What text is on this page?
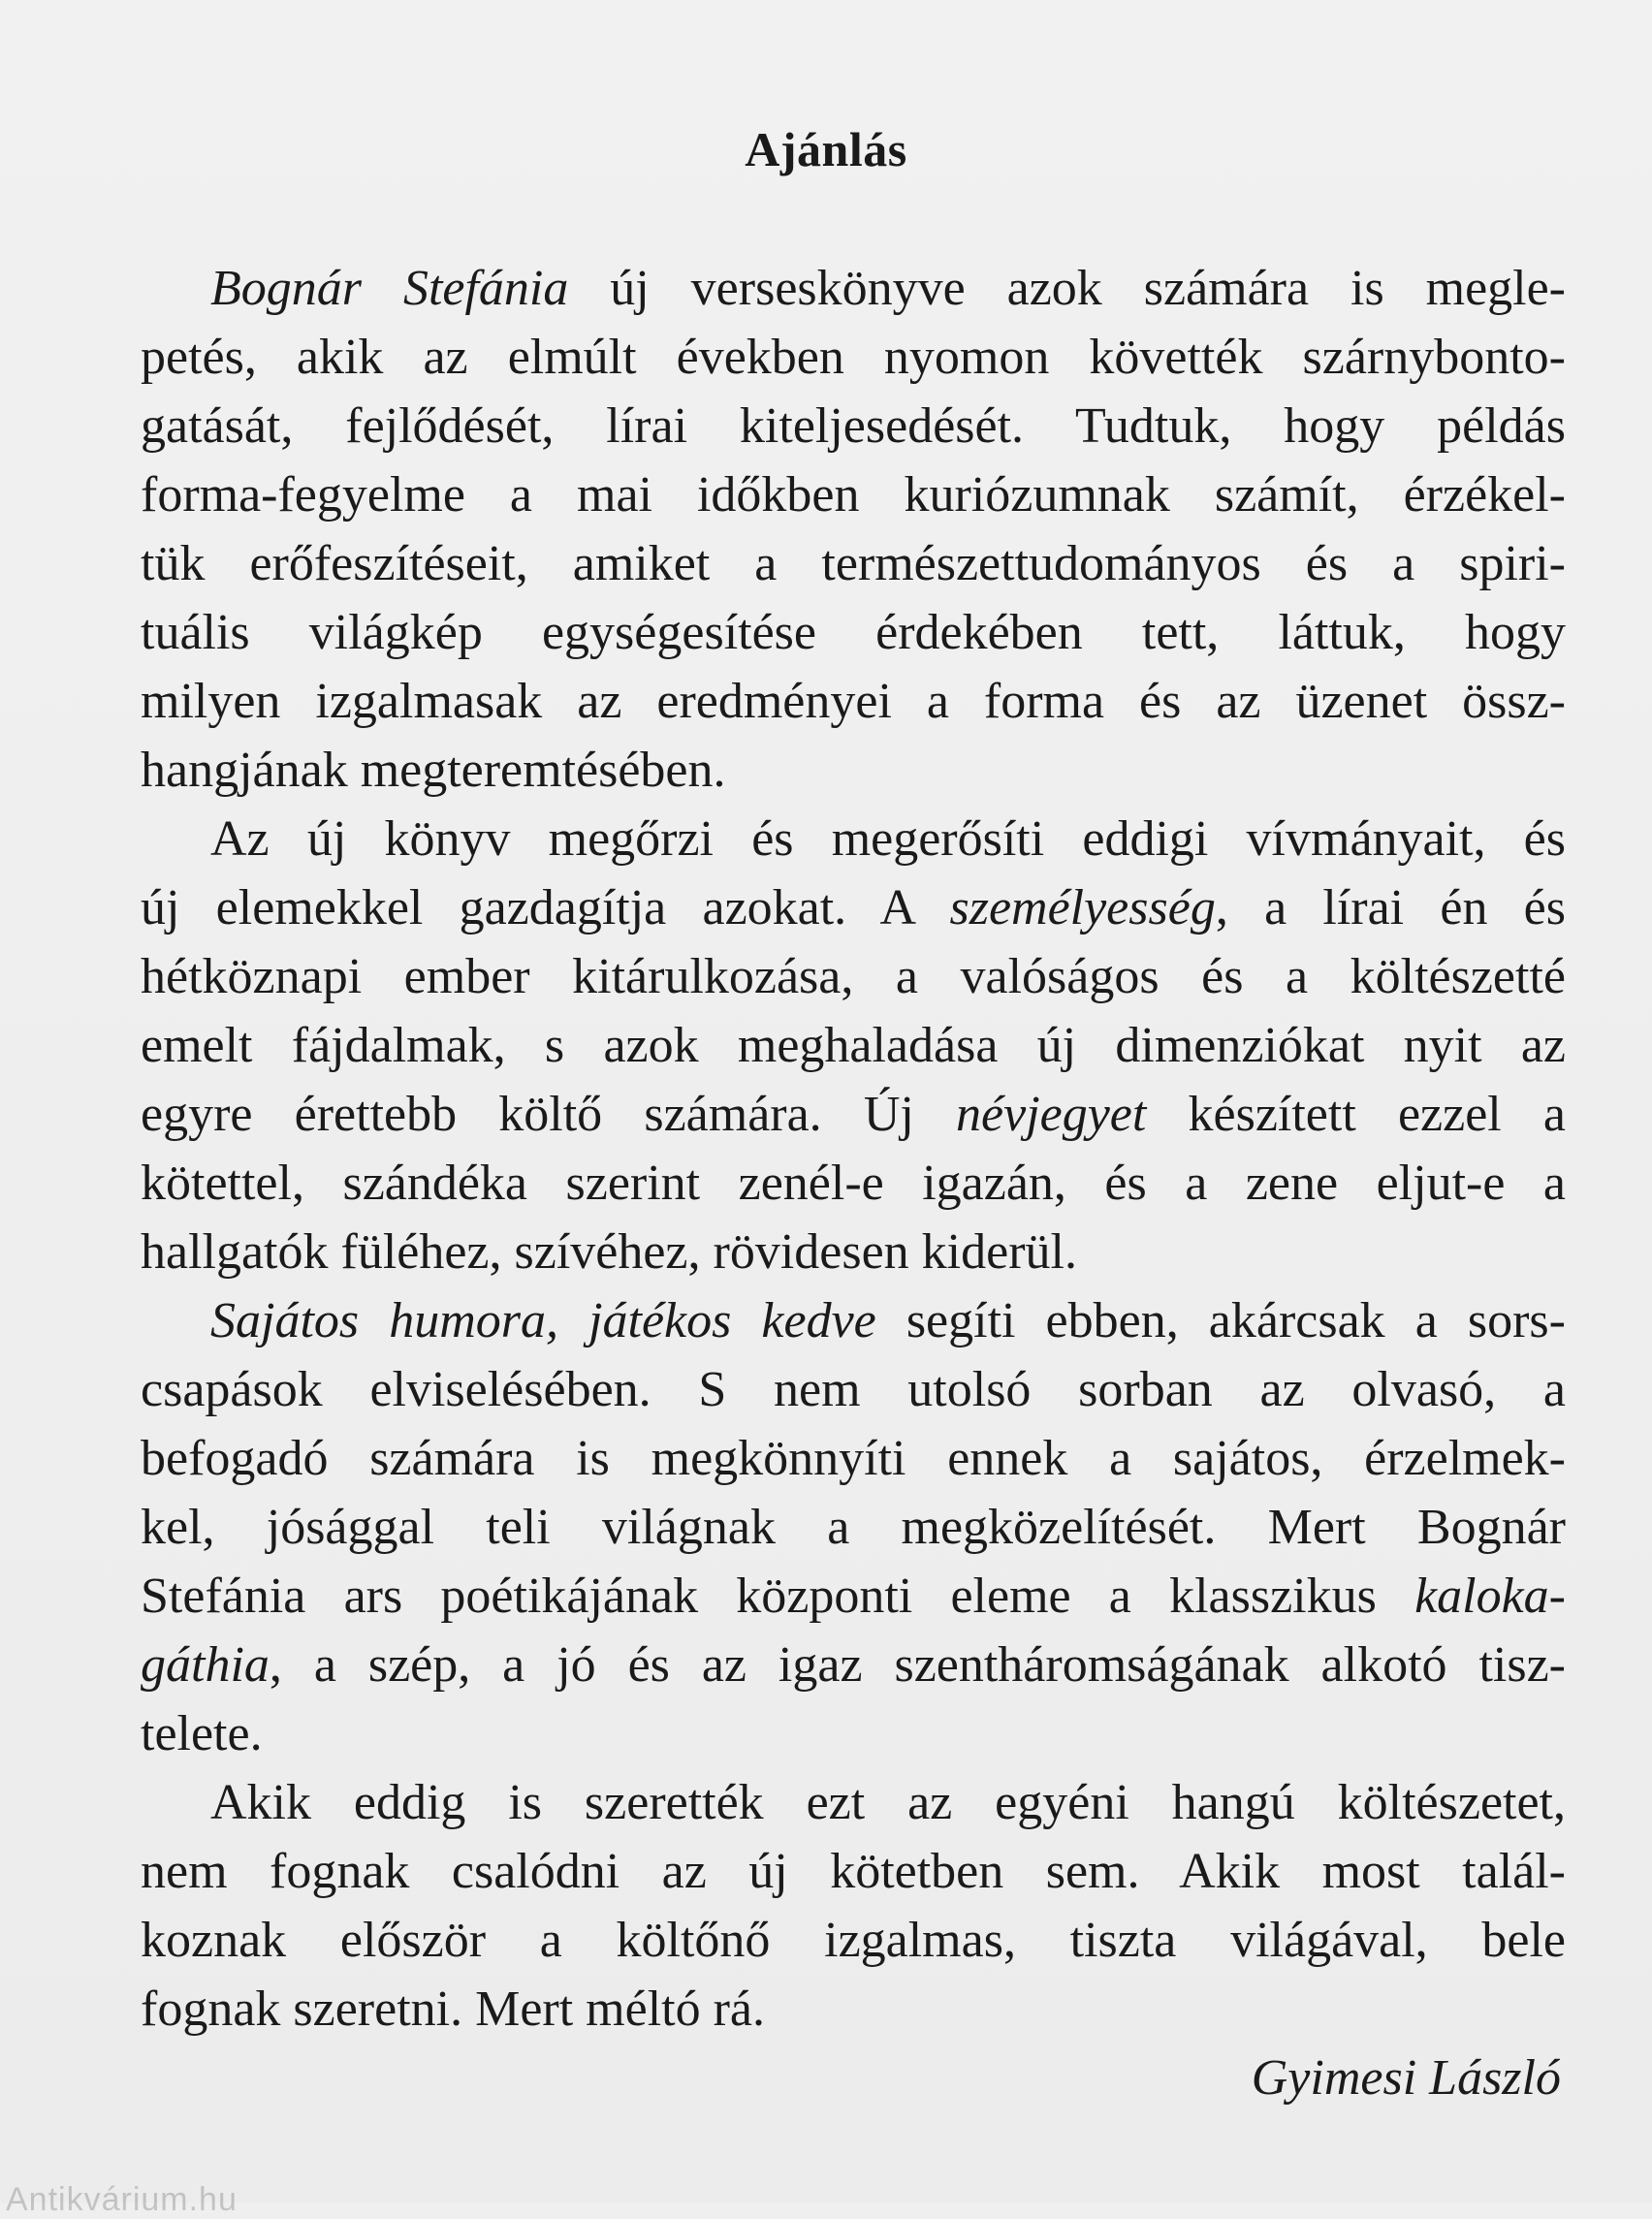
Ajánlás
Bognár Stefánia új verseskönyve azok számára is megle-
petés, akik az elmúlt években nyomon követték szárnybonto-
gatását, fejlődését, lírai kiteljesedését. Tudtuk, hogy példás
forma-fegyelme a mai időkben kuriózumnak számít, érzékel-
tük erőfeszítéseit, amiket a természettudományos és a spiri-
tuális világkép egységesítése érdekében tett, láttuk, hogy
milyen izgalmasak az eredményei a forma és az üzenet össz-
hangjának megteremtésében.
Az új könyv megőrzi és megerősíti eddigi vívmányait, és
új elemekkel gazdagítja azokat. A személyesség, a lírai én és
hétköznapi ember kitárulkozása, a valóságos és a költészetté
emelt fájdalmak, s azok meghaladása új dimenziókat nyit az
egyre érettebb költő számára. Új névjegyet készített ezzel a
kötettel, szándéka szerint zenél-e igazán, és a zene eljut-e a
hallgatók füléhez, szívéhez, rövidesen kiderül.
Sajátos humora, játékos kedve segíti ebben, akárcsak a sors-
csapások elviselésében. S nem utolsó sorban az olvasó, a
befogadó számára is megkönnyíti ennek a sajátos, érzelmek-
kel, jósággal teli világnak a megközelítését. Mert Bognár
Stefánia ars poétikájának központi eleme a klasszikus kaloka-
gáthia, a szép, a jó és az igaz szentháromságának alkotó tisz-
telete.
Akik eddig is szerették ezt az egyéni hangú költészetet,
nem fognak csalódni az új kötetben sem. Akik most talál-
koznak először a költőnő izgalmas, tiszta világával, bele
fognak szeretni. Mert méltó rá.
Gyimesi László
Antikvárium.hu
